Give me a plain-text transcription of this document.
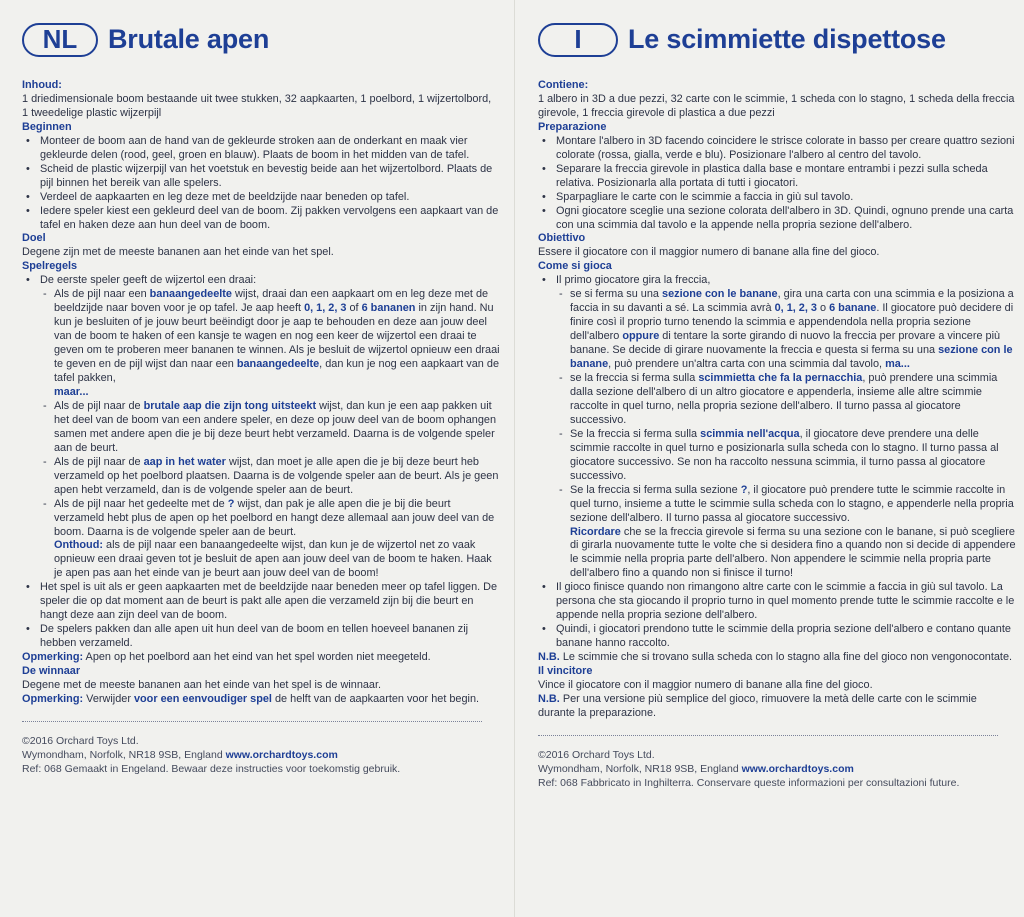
NL	Brutale apen
Inhoud:

1 driedimensionale boom bestaande uit twee stukken, 32 aapkaarten, 1 poelbord, 1 wijzertolbord, 1 tweedelige plastic wijzerpijl

Beginnen
• Monteer de boom aan de hand van de gekleurde stroken aan de onderkant en maak vier gekleurde delen (rood, geel, groen en blauw). Plaats de boom in het midden van de tafel.
• Scheid de plastic wijzerpijl van het voetstuk en bevestig beide aan het wijzertolbord. Plaats de pijl binnen het bereik van alle spelers.
• Verdeel de aapkaarten en leg deze met de beeldzijde naar beneden op tafel.
• Iedere speler kiest een gekleurd deel van de boom. Zij pakken vervolgens een aapkaart van de tafel en haken deze aan hun deel van de boom.
Doel

Degene zijn met de meeste bananen aan het einde van het spel.

Spelregels
• De eerste speler geeft de wijzertol een draai:
- Als de pijl naar een banaangedeelte wijst, draai dan een aapkaart om en leg deze met de beeldzijde naar boven voor je op tafel. Je aap heeft 0, 1, 2, 3 of 6 bananen in zijn hand. Nu kun je besluiten of je jouw beurt beëindigt door je aap te behouden en deze aan jouw deel van de boom te haken of een kansje te wagen en nog een keer de wijzertol een draai te geven om te proberen meer bananen te winnen. Als je besluit de wijzertol opnieuw een draai te geven en de pijl wijst dan naar een banaangedeelte, dan kun je nog een aapkaart van de tafel pakken,
maar...
- Als de pijl naar de brutale aap die zijn tong uitsteekt wijst, dan kun je een aap pakken uit het deel van de boom van een andere speler, en deze op jouw deel van de boom ophangen samen met andere apen die je bij deze beurt hebt verzameld. Daarna is de volgende speler aan de beurt.
- Als de pijl naar de aap in het water wijst, dan moet je alle apen die je bij deze beurt heb verzameld op het poelbord plaatsen. Daarna is de volgende speler aan de beurt. Als je geen apen hebt verzameld, dan is de volgende speler aan de beurt.
- Als de pijl naar het gedeelte met de ? wijst, dan pak je alle apen die je bij die beurt verzameld hebt plus de apen op het poelbord en hangt deze allemaal aan jouw deel van de boom. Daarna is de volgende speler aan de beurt.
Onthoud: als de pijl naar een banaangedeelte wijst, dan kun je de wijzertol net zo vaak opnieuw een draai geven tot je besluit de apen aan jouw deel van de boom te haken. Haak je apen pas aan het einde van je beurt aan jouw deel van de boom!
• Het spel is uit als er geen aapkaarten met de beeldzijde naar beneden meer op tafel liggen. De speler die op dat moment aan de beurt is pakt alle apen die verzameld zijn bij die beurt en hangt deze aan zijn deel van de boom.
• De spelers pakken dan alle apen uit hun deel van de boom en tellen hoeveel bananen zij hebben verzameld.

Opmerking: Apen op het poelbord aan het eind van het spel worden niet meegeteld.

De winnaar

Degene met de meeste bananen aan het einde van het spel is de winnaar.

Opmerking: Verwijder voor een eenvoudiger spel de helft van de aapkaarten voor het begin.

©2016 Orchard Toys Ltd.
Wymondham, Norfolk, NR18 9SB, England www.orchardtoys.com
Ref: 068 Gemaakt in Engeland. Bewaar deze instructies voor toekomstig gebruik.
I	Le scimmiette dispettose
Contiene:

1 albero in 3D a due pezzi, 32 carte con le scimmie, 1 scheda con lo stagno, 1 scheda della freccia girevole, 1 freccia girevole di plastica a due pezzi

Preparazione
• Montare l'albero in 3D facendo coincidere le strisce colorate in basso per creare quattro sezioni colorate (rossa, gialla, verde e blu). Posizionare l'albero al centro del tavolo.
• Separare la freccia girevole in plastica dalla base e montare entrambi i pezzi sulla scheda relativa. Posizionarla alla portata di tutti i giocatori.
• Sparpagliare le carte con le scimmie a faccia in giù sul tavolo.
• Ogni giocatore sceglie una sezione colorata dell'albero in 3D. Quindi, ognuno prende una carta con una scimmia dal tavolo e la appende nella propria sezione dell'albero.
Obiettivo

Essere il giocatore con il maggior numero di banane alla fine del gioco.

Come si gioca
• Il primo giocatore gira la freccia,
- se si ferma su una sezione con le banane, gira una carta con una scimmia e la posiziona a faccia in su davanti a sé. La scimmia avrà 0, 1, 2, 3 o 6 banane. Il giocatore può decidere di finire così il proprio turno tenendo la scimmia e appendendola nella propria sezione dell'albero oppure di tentare la sorte girando di nuovo la freccia per provare a vincere più banane. Se decide di girare nuovamente la freccia e questa si ferma su una sezione con le banane, può prendere un'altra carta con una scimmia dal tavolo, ma...
- se la freccia si ferma sulla scimmietta che fa la pernacchia, può prendere una scimmia dalla sezione dell'albero di un altro giocatore e appenderla, insieme alle altre scimmie raccolte in quel turno, nella propria sezione dell'albero. Il turno passa al giocatore successivo.
- Se la freccia si ferma sulla scimmia nell'acqua, il giocatore deve prendere una delle scimmie raccolte in quel turno e posizionarla sulla scheda con lo stagno. Il turno passa al giocatore successivo. Se non ha raccolto nessuna scimmia, il turno passa al giocatore successivo.
- Se la freccia si ferma sulla sezione ?, il giocatore può prendere tutte le scimmie raccolte in quel turno, insieme a tutte le scimmie sulla scheda con lo stagno, e appenderle nella propria sezione dell'albero. Il turno passa al giocatore successivo.
Ricordare che se la freccia girevole si ferma su una sezione con le banane, si può scegliere di girarla nuovamente tutte le volte che si desidera fino a quando non si decide di appendere le scimmie nella propria parte dell'albero. Non appendere le scimmie nella propria parte dell'albero fino a quando non si finisce il turno!
• Il gioco finisce quando non rimangono altre carte con le scimmie a faccia in giù sul tavolo. La persona che sta giocando il proprio turno in quel momento prende tutte le scimmie raccolte e le appende nella propria sezione dell'albero.
• Quindi, i giocatori prendono tutte le scimmie della propria sezione dell'albero e contano quante banane hanno raccolto.

N.B. Le scimmie che si trovano sulla scheda con lo stagno alla fine del gioco non vengonocontate.

Il vincitore

Vince il giocatore con il maggior numero di banane alla fine del gioco.

N.B. Per una versione più semplice del gioco, rimuovere la metà delle carte con le scimmie durante la preparazione.

©2016 Orchard Toys Ltd.
Wymondham, Norfolk, NR18 9SB, England www.orchardtoys.com
Ref: 068 Fabbricato in Inghilterra. Conservare queste informazioni per consultazioni future.
